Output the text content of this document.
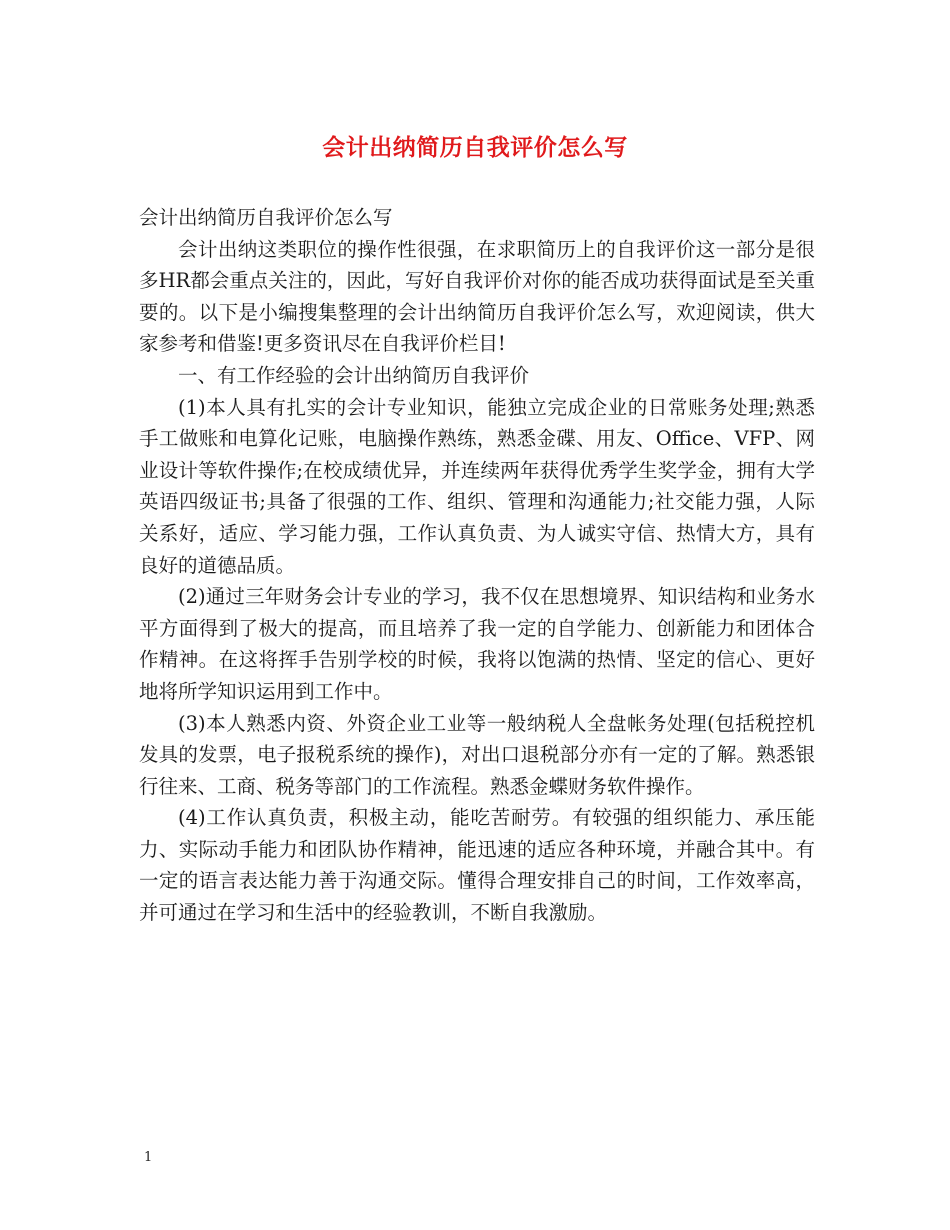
会计出纳简历自我评价怎么写

会计出纳简历自我评价怎么写

会计出纳这类职位的操作性很强，在求职简历上的自我评价这一部分是很多HR都会重点关注的，因此，写好自我评价对你的能否成功获得面试是至关重要的。以下是小编搜集整理的会计出纳简历自我评价怎么写，欢迎阅读，供大家参考和借鉴!更多资讯尽在自我评价栏目!

一、有工作经验的会计出纳简历自我评价

(1)本人具有扎实的会计专业知识，能独立完成企业的日常账务处理;熟悉手工做账和电算化记账，电脑操作熟练，熟悉金碟、用友、Office、VFP、网业设计等软件操作;在校成绩优异，并连续两年获得优秀学生奖学金，拥有大学英语四级证书;具备了很强的工作、组织、管理和沟通能力;社交能力强，人际关系好，适应、学习能力强，工作认真负责、为人诚实守信、热情大方，具有良好的道德品质。

(2)通过三年财务会计专业的学习，我不仅在思想境界、知识结构和业务水平方面得到了极大的提高，而且培养了我一定的自学能力、创新能力和团体合作精神。在这将挥手告别学校的时候，我将以饱满的热情、坚定的信心、更好地将所学知识运用到工作中。

(3)本人熟悉内资、外资企业工业等一般纳税人全盘帐务处理(包括税控机发具的发票，电子报税系统的操作)，对出口退税部分亦有一定的了解。熟悉银行往来、工商、税务等部门的工作流程。熟悉金蝶财务软件操作。

(4)工作认真负责，积极主动，能吃苦耐劳。有较强的组织能力、承压能力、实际动手能力和团队协作精神，能迅速的适应各种环境，并融合其中。有一定的语言表达能力善于沟通交际。懂得合理安排自己的时间，工作效率高，并可通过在学习和生活中的经验教训，不断自我激励。

1
